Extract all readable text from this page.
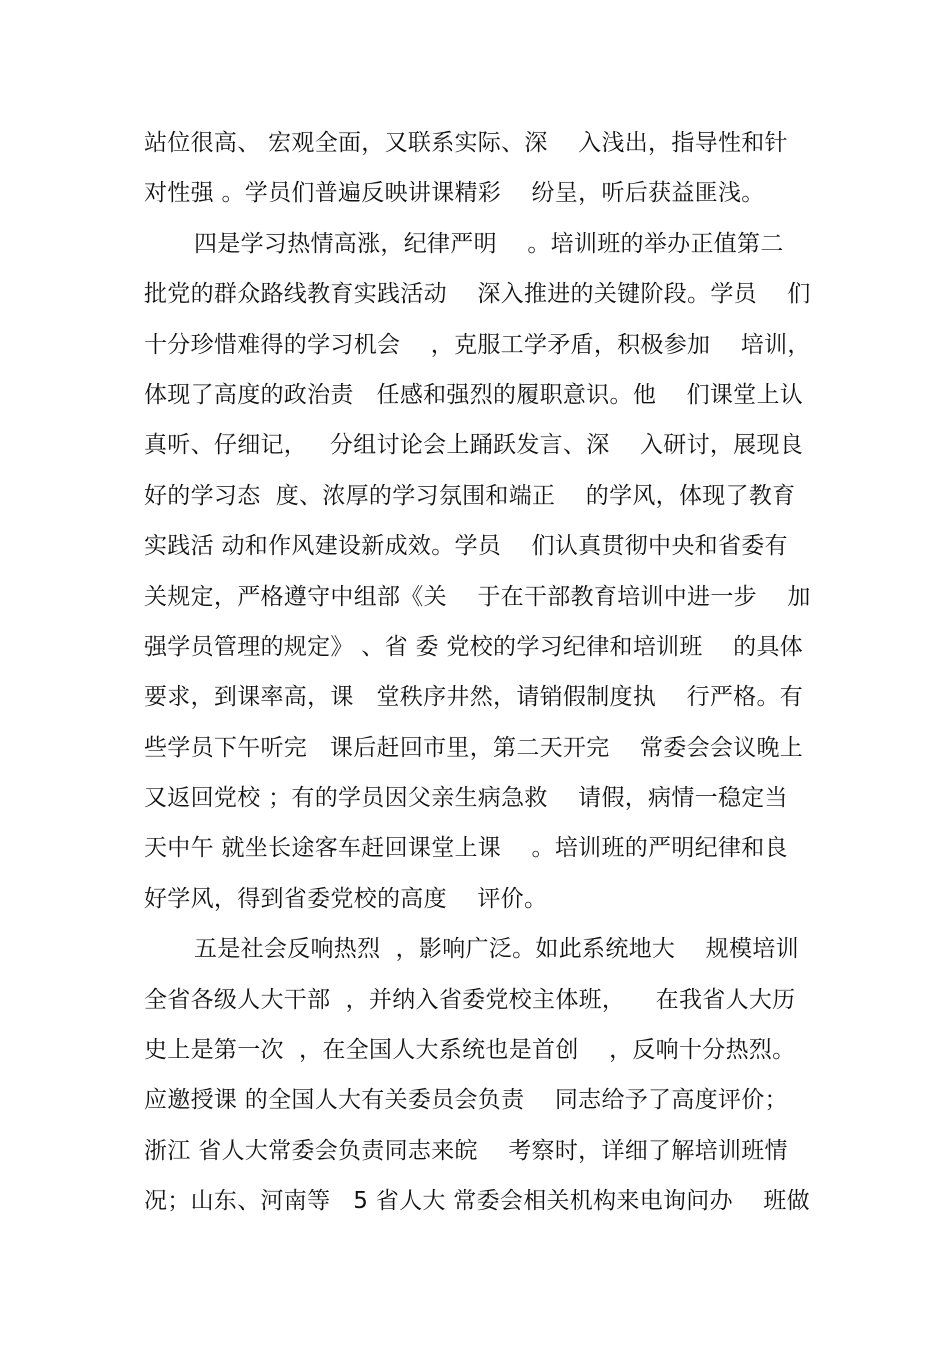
站位很高、 宏观全面，又联系实际、深    入浅出，指导性和针
对性强 。学员们普遍反映讲课精彩    纷呈，听后获益匪浅。
四是学习热情高涨，纪律严明    。培训班的举办正值第二
批党的群众路线教育实践活动    深入推进的关键阶段。学员    们
十分珍惜难得的学习机会    ，克服工学矛盾，积极参加    培训，
体现了高度的政治责   任感和强烈的履职意识。他    们课堂上认
真听、仔细记，   分组讨论会上踊跃发言、深    入研讨，展现良
好的学习态  度、浓厚的学习氛围和端正    的学风，体现了教育
实践活 动和作风建设新成效。学员    们认真贯彻中央和省委有
关规定，严格遵守中组部《关    于在干部教育培训中进一步    加
强学员管理的规定》 、省 委 党校的学习纪律和培训班    的具体
要求，到课率高，课   堂秩序井然，请销假制度执    行严格。有
些学员下午听完   课后赶回市里，第二天开完    常委会会议晚上
又返回党校 ；有的学员因父亲生病急救    请假，病情一稳定当
天中午 就坐长途客车赶回课堂上课    。培训班的严明纪律和良
好学风，得到省委党校的高度    评价。
五是社会反响热烈  ，影响广泛。如此系统地大    规模培训
全省各级人大干部  ，并纳入省委党校主体班，    在我省人大历
史上是第一次  ，在全国人大系统也是首创    ，反响十分热烈。
应邀授课 的全国人大有关委员会负责    同志给予了高度评价；
浙江 省人大常委会负责同志来皖    考察时，详细了解培训班情
况；山东、河南等   5 省人大 常委会相关机构来电询问办    班做
